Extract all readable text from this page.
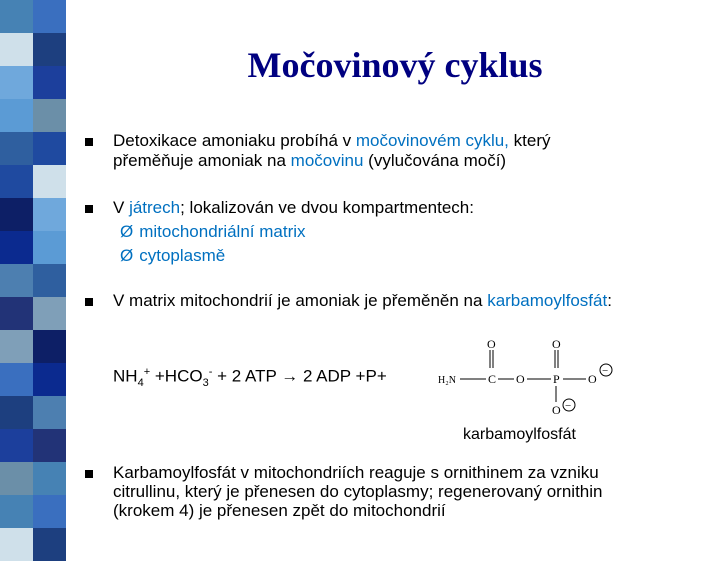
Močovinový cyklus
Detoxikace amoniaku probíhá v močovinovém cyklu, který
přeměňuje amoniak na močovinu (vylučována močí)
V játrech; lokalizován ve dvou kompartmentech:
Ø mitochondriální matrix
Ø cytoplasmě
V matrix mitochondrií je amoniak je přeměněn na karbamoylfosfát:
$NH_4^+ +HCO_3^- + 2$ ATP → 2 ADP +P+	H₂N	C
O
O P
O
O
−
O −
karbamoylfosfát
Karbamoylfosfát v mitochondriích reaguje s ornithinem za vzniku
citrullinu, který je přenesen do cytoplasmy; regenerovaný ornithin
(krokem 4) je přenesen zpět do mitochondrií
